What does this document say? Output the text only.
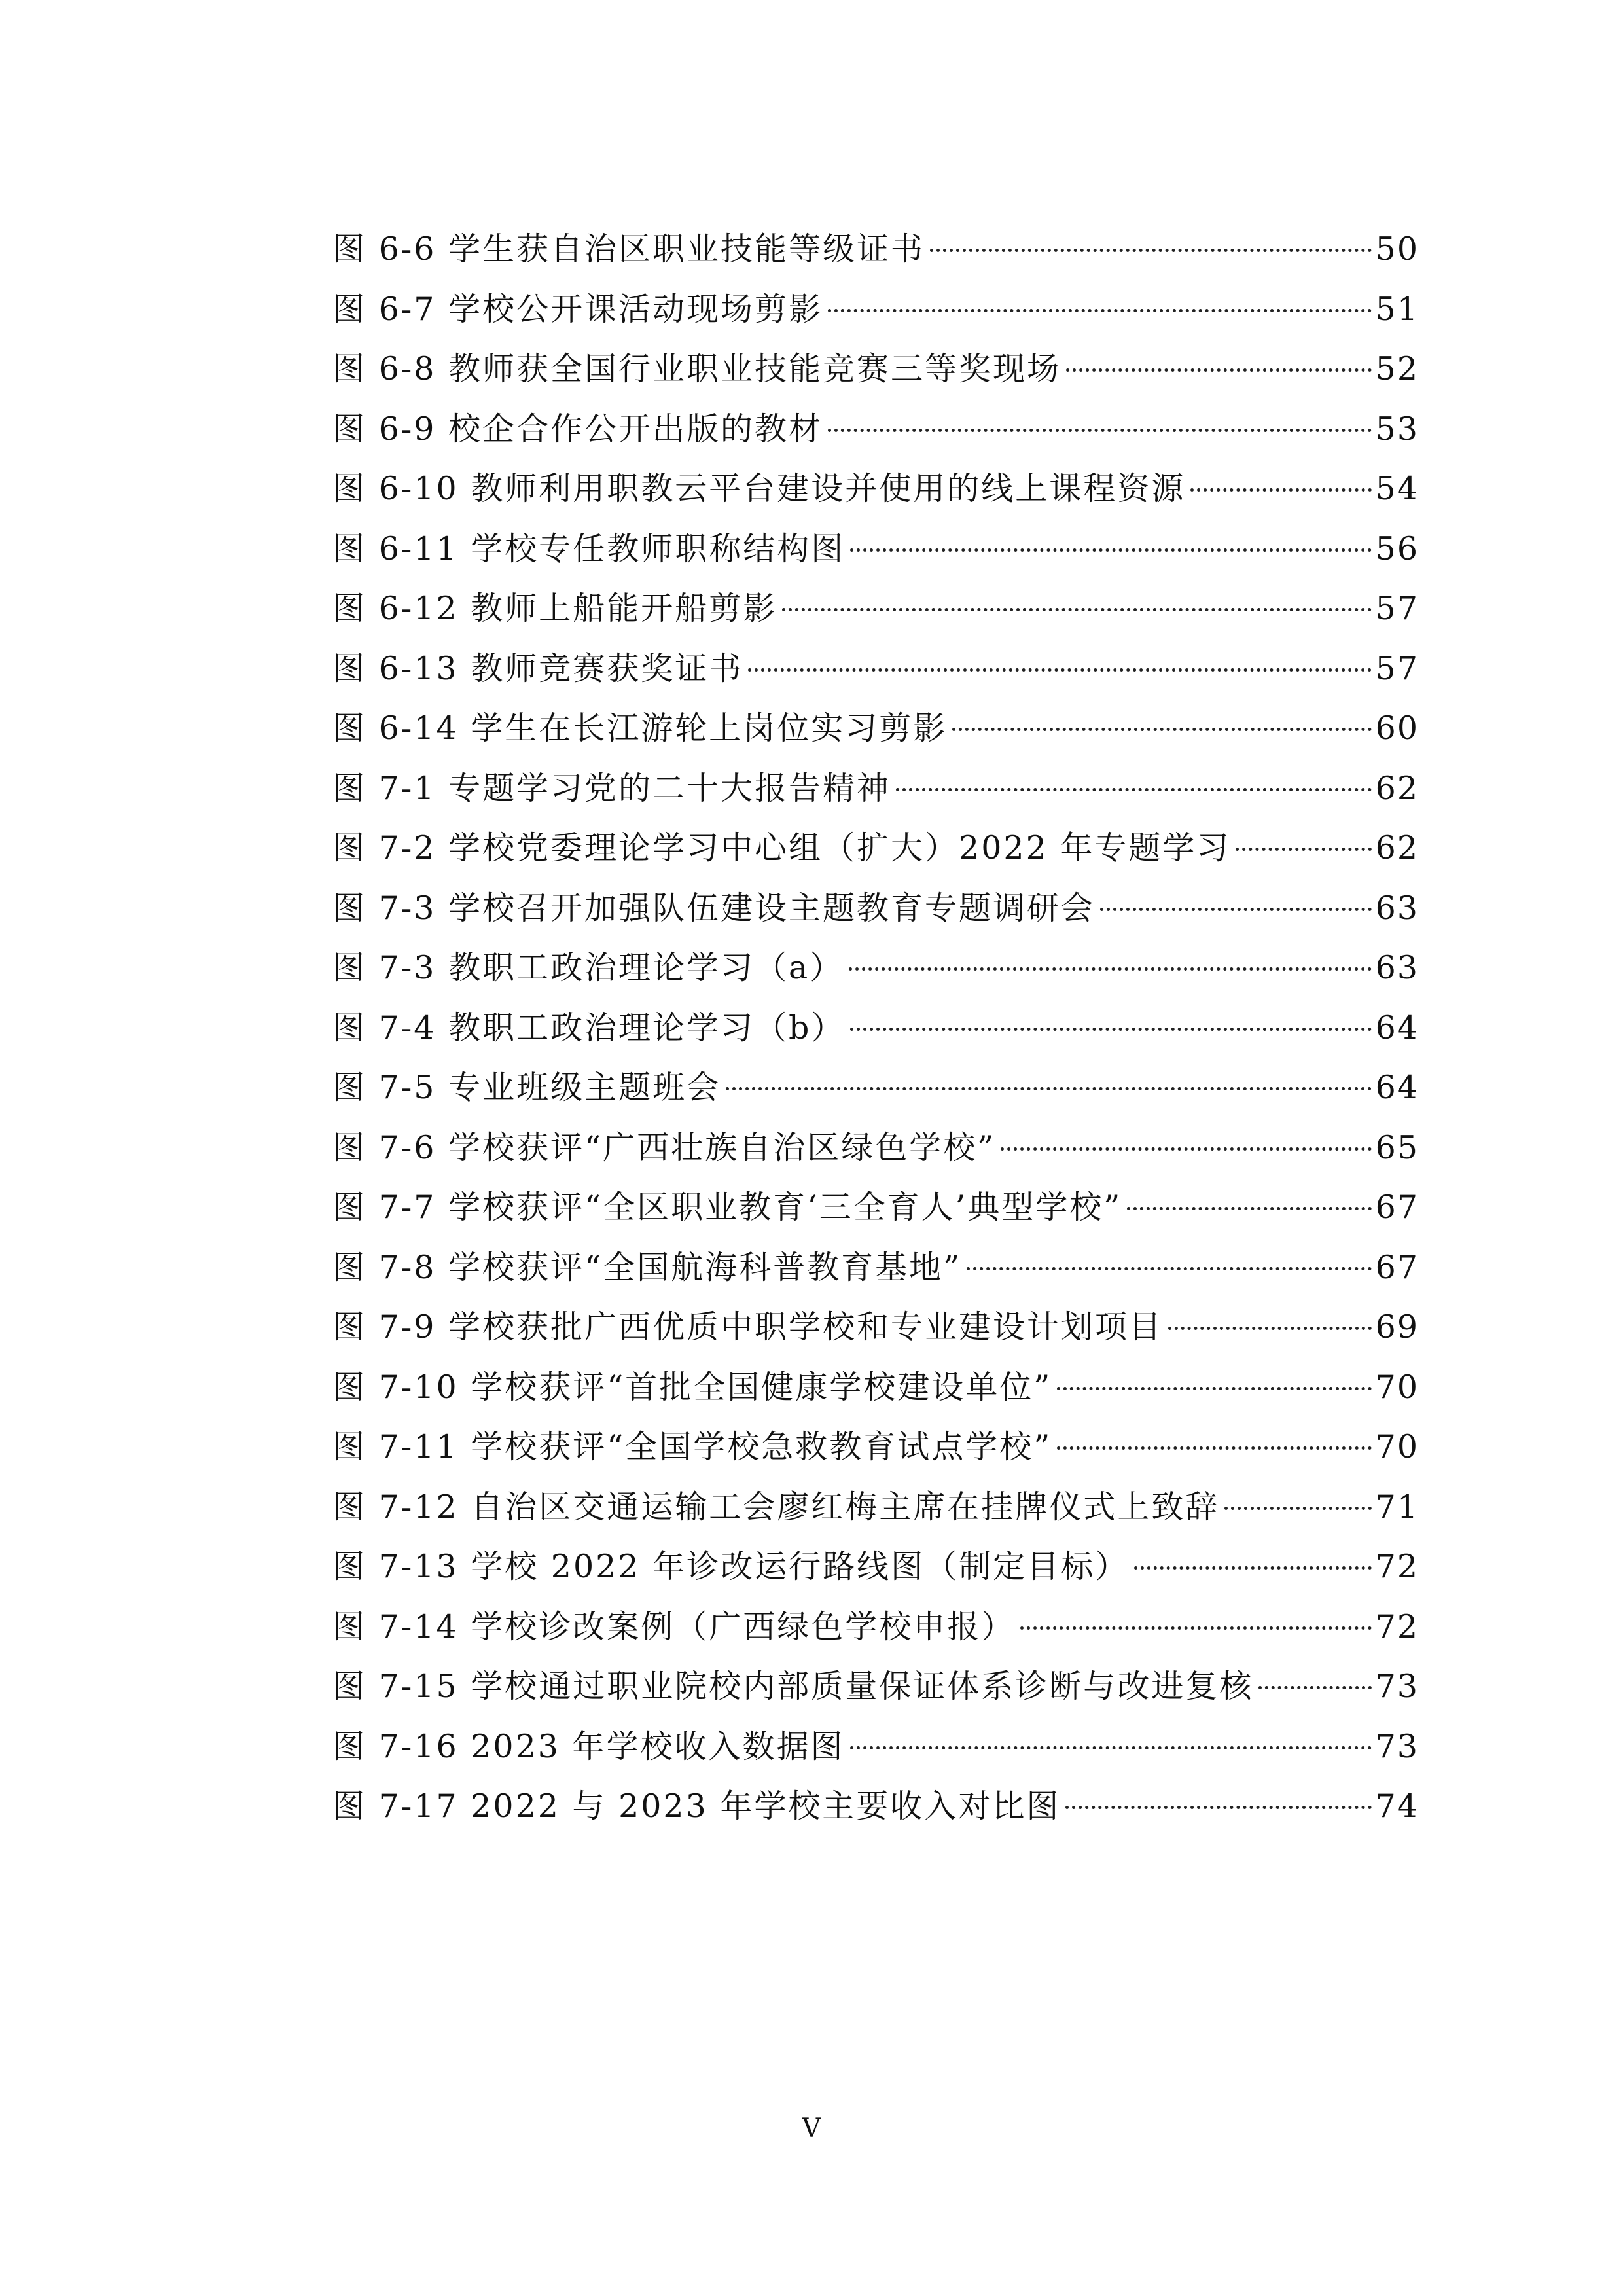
图 6-6 学生获自治区职业技能等级证书	50
图 6-7 学校公开课活动现场剪影	51
图 6-8 教师获全国行业职业技能竞赛三等奖现场	52
图 6-9 校企合作公开出版的教材	53
图 6-10 教师利用职教云平台建设并使用的线上课程资源	54
图 6-11 学校专任教师职称结构图	56
图 6-12 教师上船能开船剪影	57
图 6-13 教师竞赛获奖证书	57
图 6-14 学生在长江游轮上岗位实习剪影	60
图 7-1 专题学习党的二十大报告精神	62
图 7-2 学校党委理论学习中心组（扩大）2022 年专题学习	62
图 7-3 学校召开加强队伍建设主题教育专题调研会	63
图 7-3 教职工政治理论学习（a）	63
图 7-4 教职工政治理论学习（b）	64
图 7-5 专业班级主题班会	64
图 7-6 学校获评“广西壮族自治区绿色学校”	65
图 7-7 学校获评“全区职业教育‘三全育人’典型学校”	67
图 7-8 学校获评“全国航海科普教育基地”	67
图 7-9 学校获批广西优质中职学校和专业建设计划项目	69
图 7-10 学校获评“首批全国健康学校建设单位”	70
图 7-11 学校获评“全国学校急救教育试点学校”	70
图 7-12 自治区交通运输工会廖红梅主席在挂牌仪式上致辞	71
图 7-13 学校 2022 年诊改运行路线图（制定目标）	72
图 7-14 学校诊改案例（广西绿色学校申报）	72
图 7-15 学校通过职业院校内部质量保证体系诊断与改进复核	73
图 7-16 2023 年学校收入数据图	73
图 7-17 2022 与 2023 年学校主要收入对比图	74
V
